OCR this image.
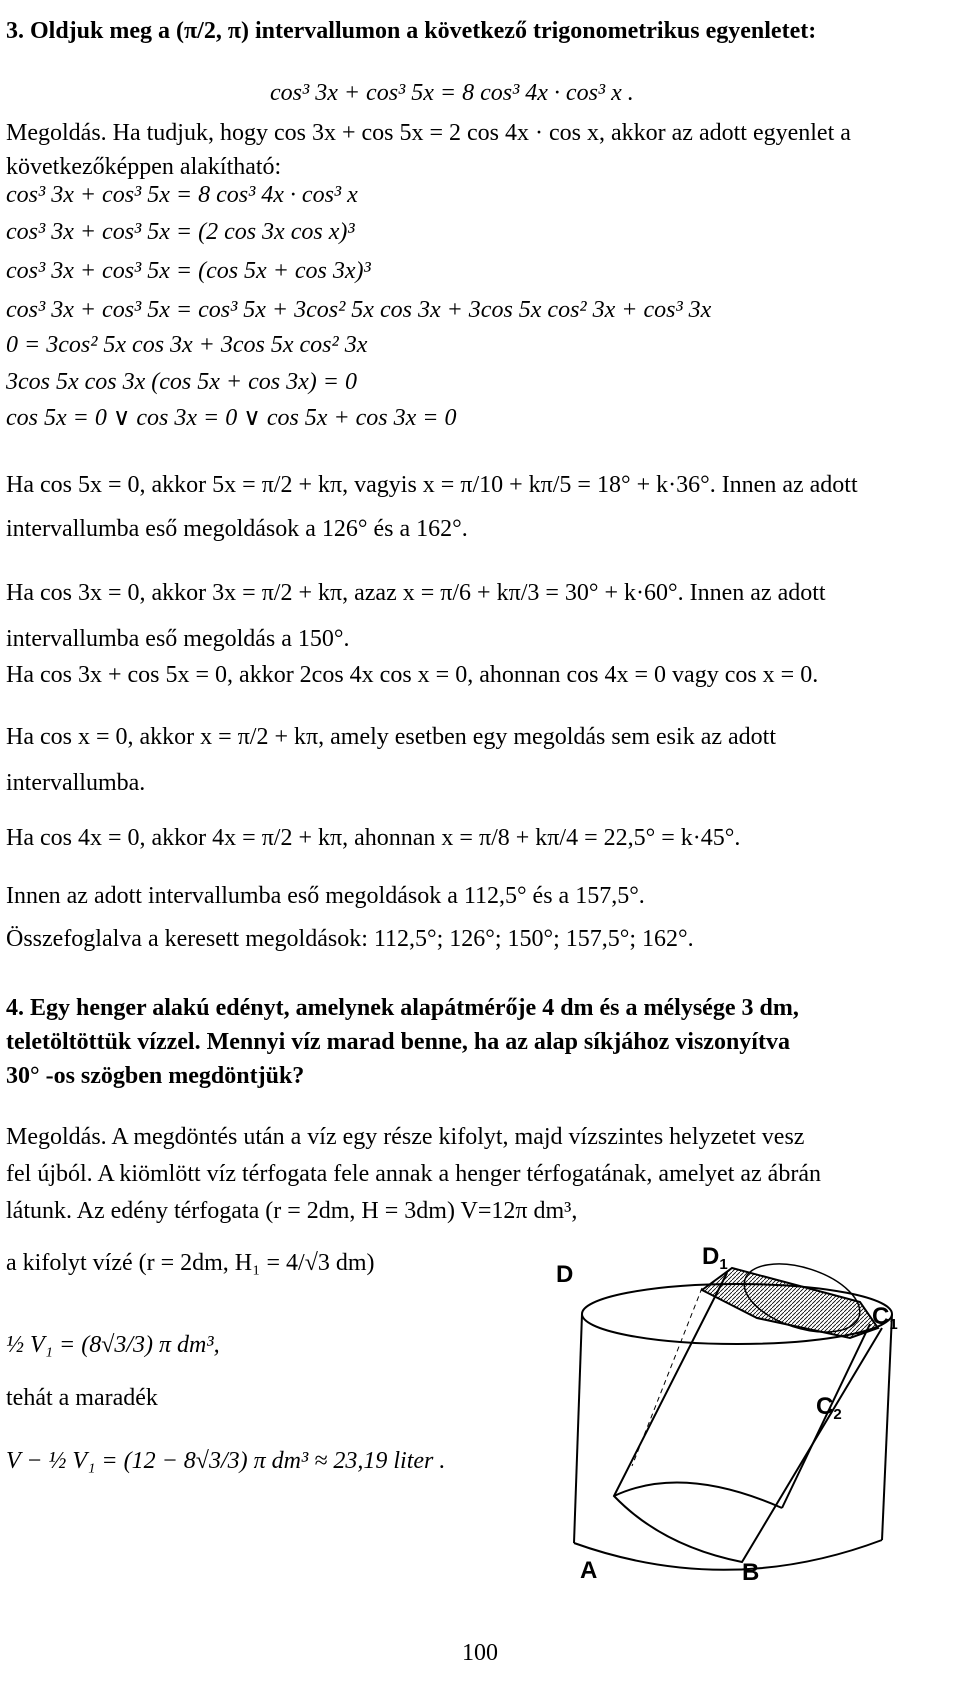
3. Oldjuk meg a (π/2, π) intervallumon a következő trigonometrikus egyenletet:
cos³ 3x + cos³ 5x = 8 cos³ 4x · cos³ x .
Megoldás. Ha tudjuk, hogy cos 3x + cos 5x = 2 cos 4x · cos x, akkor az adott egyenlet a
következőképpen alakítható:
cos³ 3x + cos³ 5x = 8 cos³ 4x · cos³ x
cos³ 3x + cos³ 5x = (2 cos 3x cos x)³
cos³ 3x + cos³ 5x = (cos 5x + cos 3x)³
cos³ 3x + cos³ 5x = cos³ 5x + 3cos² 5x cos 3x + 3cos 5x cos² 3x + cos³ 3x
0 = 3cos² 5x cos 3x + 3cos 5x cos² 3x
3cos 5x cos 3x (cos 5x + cos 3x) = 0
cos 5x = 0 ∨ cos 3x = 0 ∨ cos 5x + cos 3x = 0
Ha cos 5x = 0, akkor 5x = π/2 + kπ, vagyis x = π/10 + kπ/5 = 18° + k·36°. Innen az adott
intervallumba eső megoldások a 126° és a 162°.
Ha cos 3x = 0, akkor 3x = π/2 + kπ, azaz x = π/6 + kπ/3 = 30° + k·60°. Innen az adott
intervallumba eső megoldás a 150°.
Ha cos 3x + cos 5x = 0, akkor 2cos 4x cos x = 0, ahonnan cos 4x = 0 vagy cos x = 0.
Ha cos x = 0, akkor x = π/2 + kπ, amely esetben egy megoldás sem esik az adott
intervallumba.
Ha cos 4x = 0, akkor 4x = π/2 + kπ, ahonnan x = π/8 + kπ/4 = 22,5° = k·45°.
Innen az adott intervallumba eső megoldások a 112,5° és a 157,5°.
Összefoglalva a keresett megoldások: 112,5°; 126°; 150°; 157,5°; 162°.
4. Egy henger alakú edényt, amelynek alapátmérője 4 dm és a mélysége 3 dm,
teletöltöttük vízzel. Mennyi víz marad benne, ha az alap síkjához viszonyítva
30° -os szögben megdöntjük?
Megoldás. A megdöntés után a víz egy része kifolyt, majd vízszintes helyzetet vesz
fel újból. A kiömlött víz térfogata fele annak a henger térfogatának, amelyet az ábrán
látunk. Az edény térfogata (r = 2dm, H = 3dm) V=12π dm³,
a kifolyt vízé (r = 2dm, H₁ = 4/√3 dm)
½ V₁ = (8√3/3) π dm³,
tehát a maradék
V − ½ V₁ = (12 − 8√3/3) π dm³ ≈ 23,19 liter .
$D_1$
D
$C_1$
$C_2$
A	B
100
